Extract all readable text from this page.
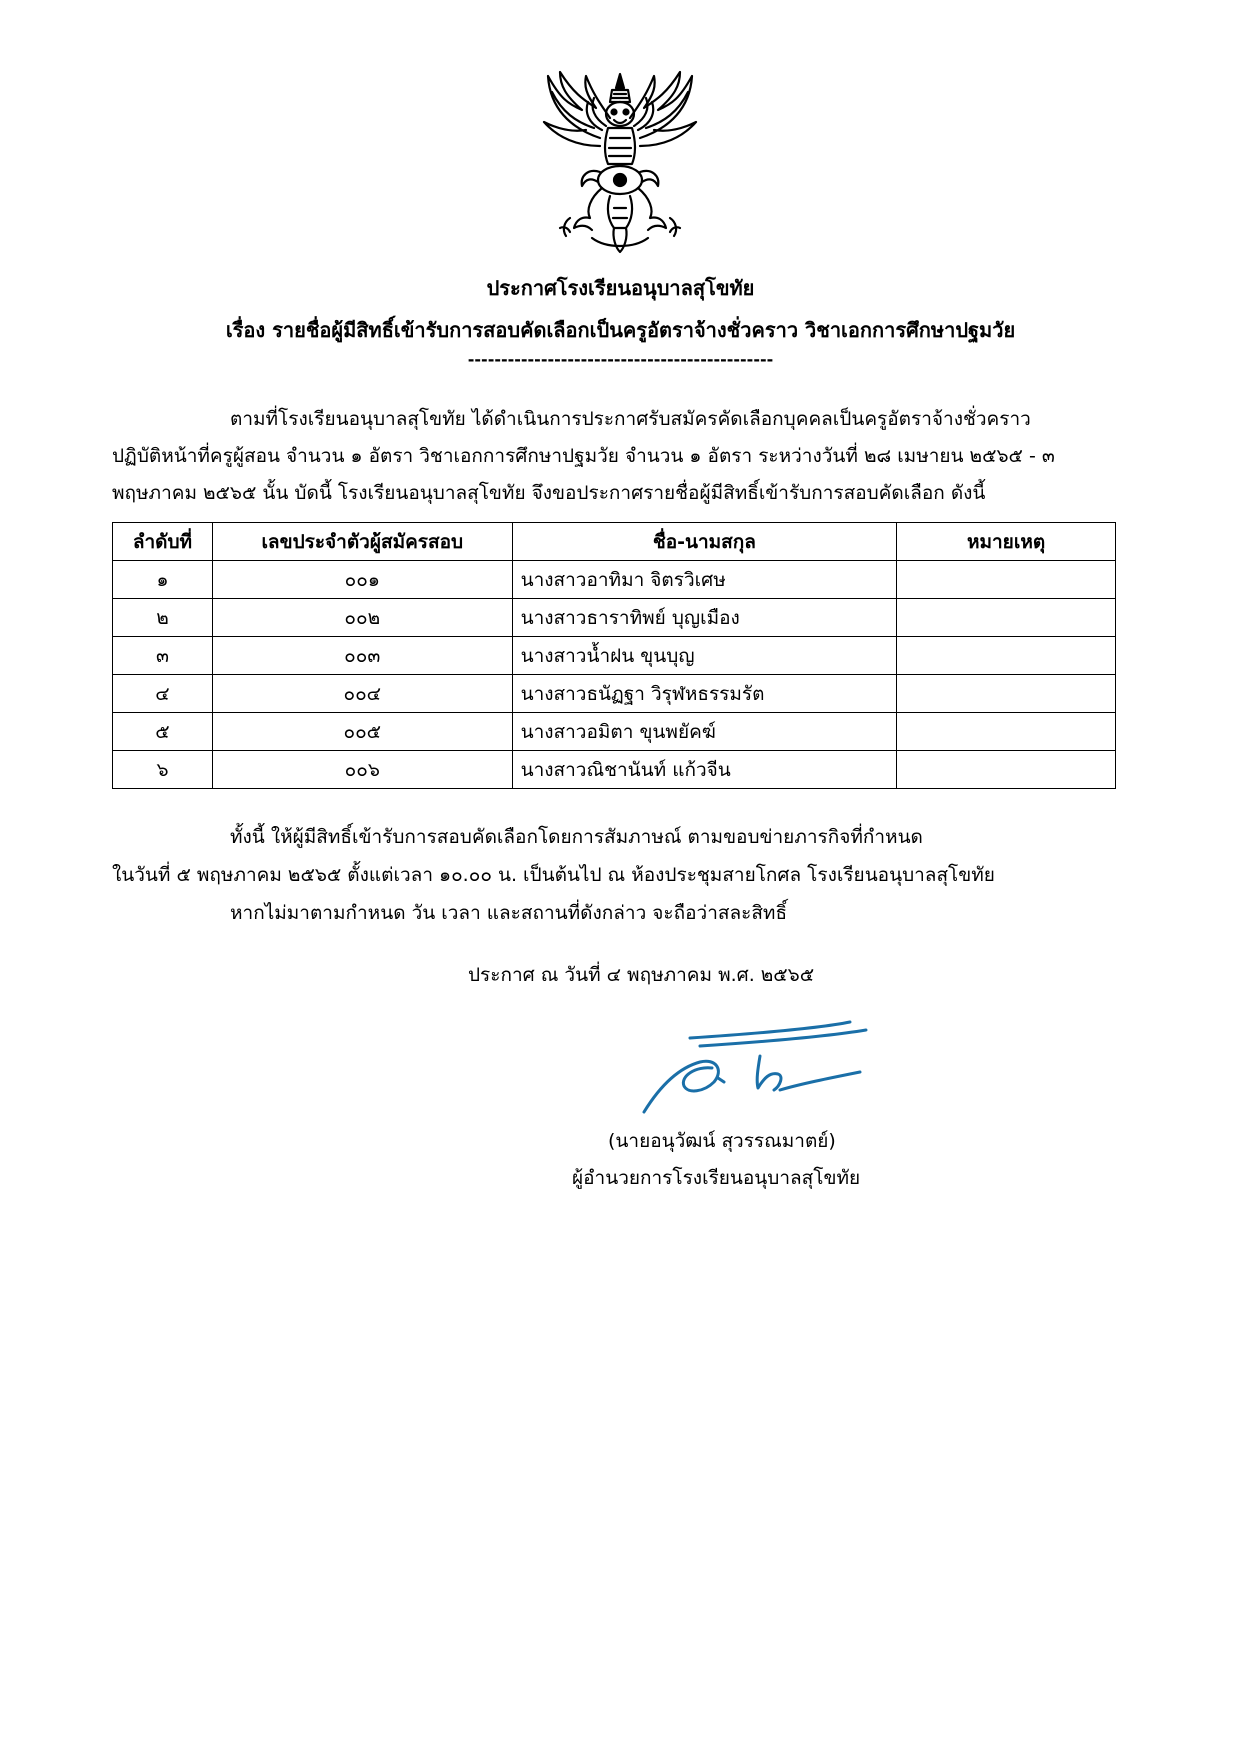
ประกาศโรงเรียนอนุบาลสุโขทัย
เรื่อง รายชื่อผู้มีสิทธิ์เข้ารับการสอบคัดเลือกเป็นครูอัตราจ้างชั่วคราว วิชาเอกการศึกษาปฐมวัย
----------------------------------------------
ตามที่โรงเรียนอนุบาลสุโขทัย ได้ดำเนินการประกาศรับสมัครคัดเลือกบุคคลเป็นครูอัตราจ้างชั่วคราว
ปฏิบัติหน้าที่ครูผู้สอน จำนวน ๑ อัตรา วิชาเอกการศึกษาปฐมวัย จำนวน ๑ อัตรา ระหว่างวันที่ ๒๘ เมษายน ๒๕๖๕ - ๓
พฤษภาคม ๒๕๖๕ นั้น บัดนี้ โรงเรียนอนุบาลสุโขทัย จึงขอประกาศรายชื่อผู้มีสิทธิ์เข้ารับการสอบคัดเลือก ดังนี้
ลำดับที่	เลขประจำตัวผู้สมัครสอบ	ชื่อ-นามสกุล	หมายเหตุ
๑	๐๐๑	นางสาวอาทิมา จิตรวิเศษ	
๒	๐๐๒	นางสาวธาราทิพย์ บุญเมือง	
๓	๐๐๓	นางสาวน้ำฝน ขุนบุญ	
๔	๐๐๔	นางสาวธนัฏฐา วิรุฬหธรรมรัต	
๕	๐๐๕	นางสาวอมิตา ขุนพยัคฆ์	
๖	๐๐๖	นางสาวณิชานันท์ แก้วจีน	
ทั้งนี้ ให้ผู้มีสิทธิ์เข้ารับการสอบคัดเลือกโดยการสัมภาษณ์ ตามขอบข่ายภารกิจที่กำหนด
ในวันที่ ๕ พฤษภาคม ๒๕๖๕ ตั้งแต่เวลา ๑๐.๐๐ น. เป็นต้นไป ณ ห้องประชุมสายโกศล โรงเรียนอนุบาลสุโขทัย
หากไม่มาตามกำหนด วัน เวลา และสถานที่ดังกล่าว จะถือว่าสละสิทธิ์
ประกาศ ณ วันที่ ๔ พฤษภาคม พ.ศ. ๒๕๖๕
(นายอนุวัฒน์ สุวรรณมาตย์)
ผู้อำนวยการโรงเรียนอนุบาลสุโขทัย
